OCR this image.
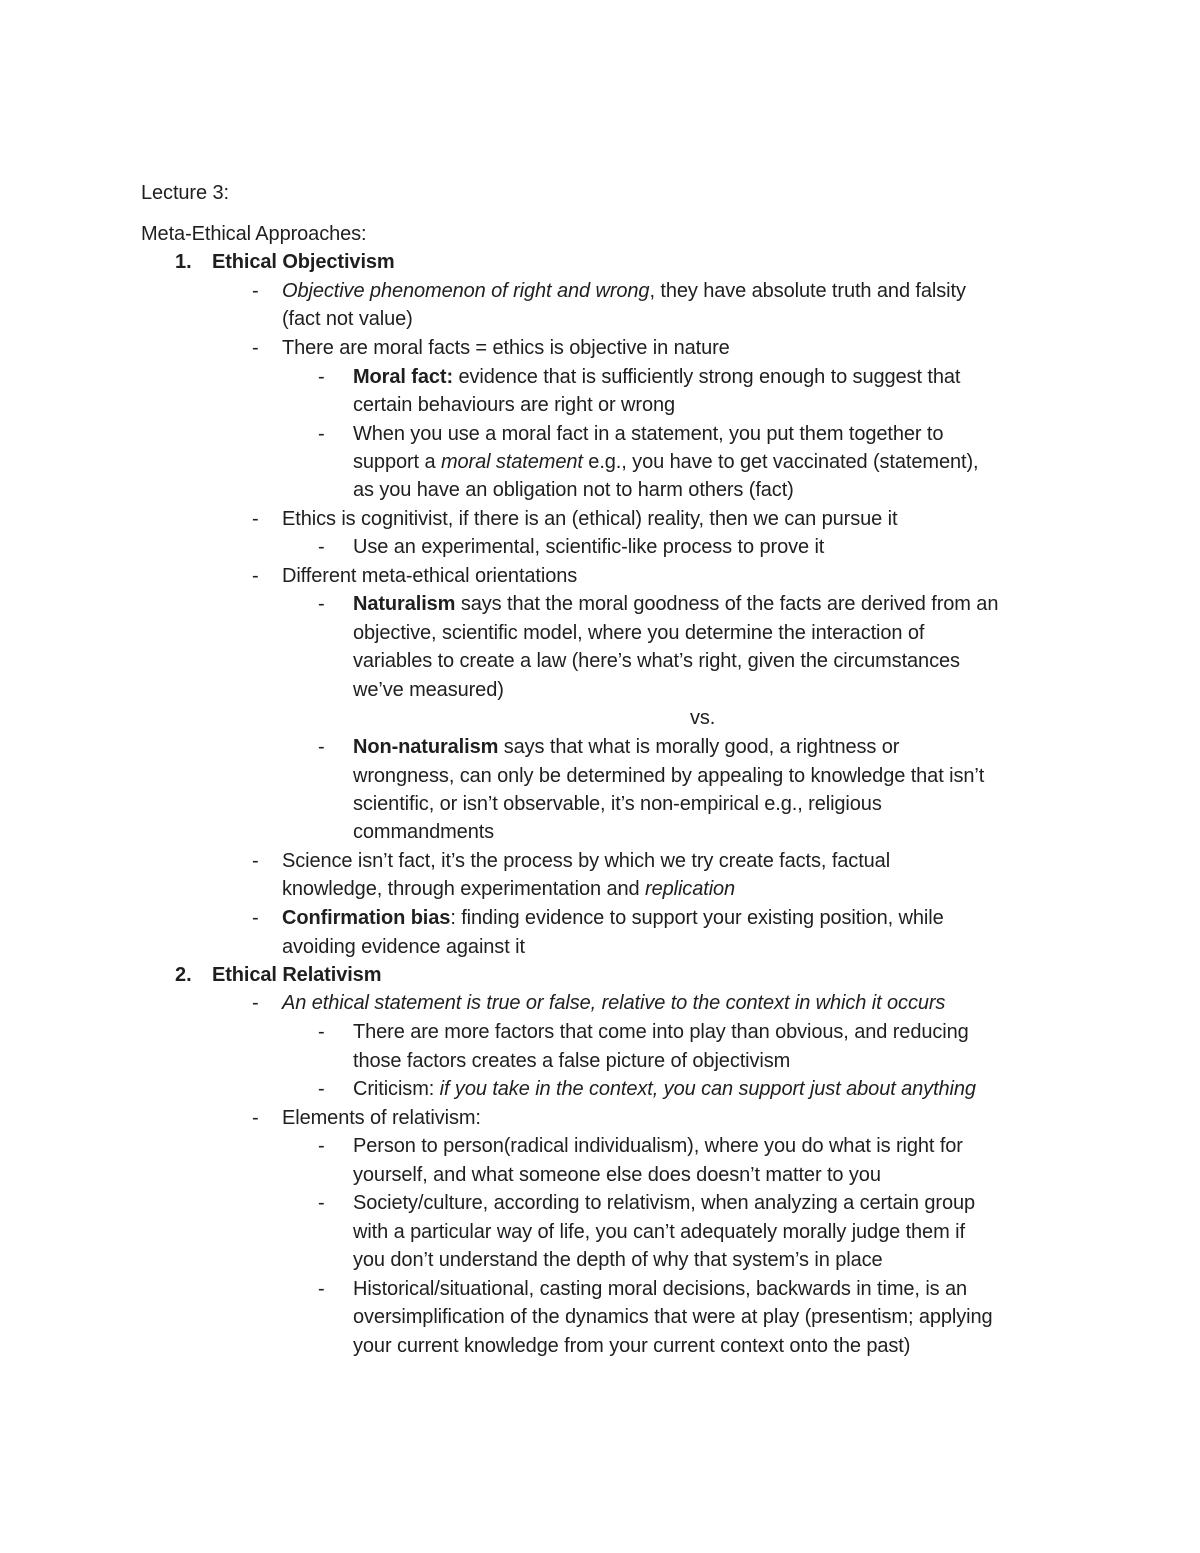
Lecture 3:
Meta-Ethical Approaches:
1. Ethical Objectivism
- Objective phenomenon of right and wrong, they have absolute truth and falsity
(fact not value)
- There are moral facts = ethics is objective in nature
- Moral fact: evidence that is sufficiently strong enough to suggest that
certain behaviours are right or wrong
- When you use a moral fact in a statement, you put them together to
support a moral statement e.g., you have to get vaccinated (statement),
as you have an obligation not to harm others (fact)
- Ethics is cognitivist, if there is an (ethical) reality, then we can pursue it
- Use an experimental, scientific-like process to prove it
- Different meta-ethical orientations
- Naturalism says that the moral goodness of the facts are derived from an
objective, scientific model, where you determine the interaction of
variables to create a law (here’s what’s right, given the circumstances
we’ve measured)
vs.
- Non-naturalism says that what is morally good, a rightness or
wrongness, can only be determined by appealing to knowledge that isn’t
scientific, or isn’t observable, it’s non-empirical e.g., religious
commandments
- Science isn’t fact, it’s the process by which we try create facts, factual
knowledge, through experimentation and replication
- Confirmation bias: finding evidence to support your existing position, while
avoiding evidence against it
2. Ethical Relativism
- An ethical statement is true or false, relative to the context in which it occurs
- There are more factors that come into play than obvious, and reducing
those factors creates a false picture of objectivism
- Criticism: if you take in the context, you can support just about anything
- Elements of relativism:
- Person to person(radical individualism), where you do what is right for
yourself, and what someone else does doesn’t matter to you
- Society/culture, according to relativism, when analyzing a certain group
with a particular way of life, you can’t adequately morally judge them if
you don’t understand the depth of why that system’s in place
- Historical/situational, casting moral decisions, backwards in time, is an
oversimplification of the dynamics that were at play (presentism; applying
your current knowledge from your current context onto the past)
